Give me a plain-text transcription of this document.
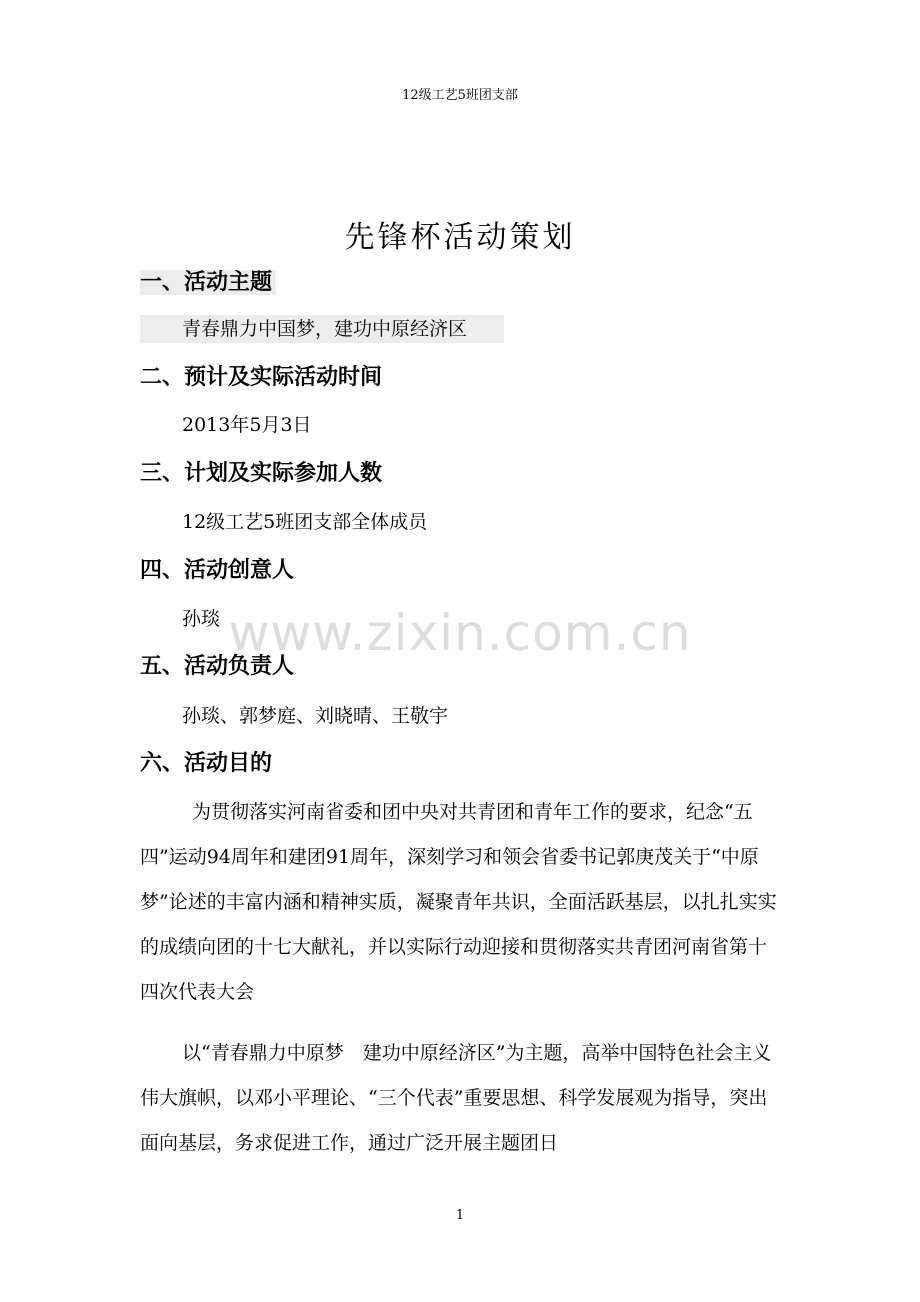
12级工艺5班团支部
先锋杯活动策划
一、活动主题
青春鼎力中国梦，建功中原经济区
二、预计及实际活动时间
2013年5月3日
三、计划及实际参加人数
12级工艺5班团支部全体成员
四、活动创意人
孙琰
五、活动负责人
孙琰、郭梦庭、刘晓晴、王敬宇
六、活动目的
为贯彻落实河南省委和团中央对共青团和青年工作的要求，纪念“五四”运动94周年和建团91周年，深刻学习和领会省委书记郭庚茂关于“中原梦”论述的丰富内涵和精神实质，凝聚青年共识，全面活跃基层，以扎扎实实的成绩向团的十七大献礼，并以实际行动迎接和贯彻落实共青团河南省第十四次代表大会
以“青春鼎力中原梦　建功中原经济区”为主题，高举中国特色社会主义伟大旗帜，以邓小平理论、“三个代表”重要思想、科学发展观为指导，突出面向基层，务求促进工作，通过广泛开展主题团日
www.zixin.com.cn
1
